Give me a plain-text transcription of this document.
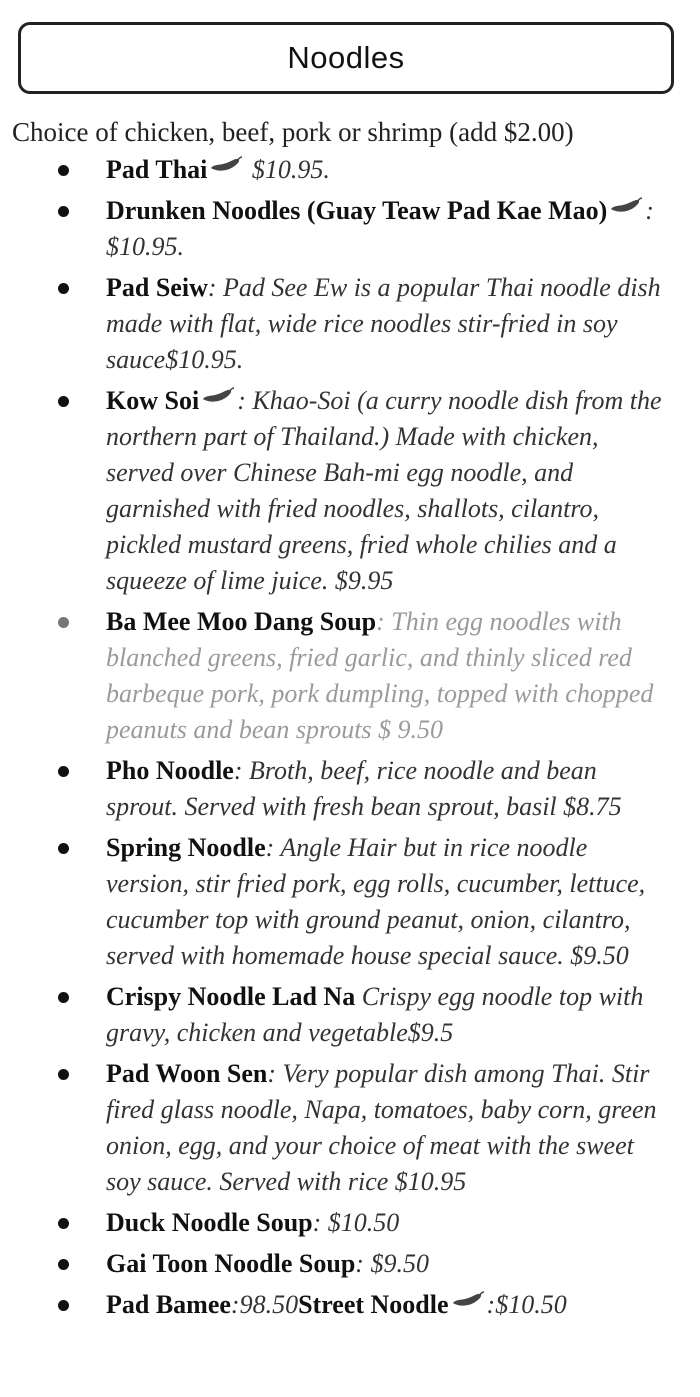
Noodles
Choice of chicken, beef, pork or shrimp (add $2.00)
Pad Thai $10.95.
Drunken Noodles (Guay Teaw Pad Kae Mao) : $10.95.
Pad Seiw: Pad See Ew is a popular Thai noodle dish made with flat, wide rice noodles stir-fried in soy sauce$10.95.
Kow Soi : Khao-Soi (a curry noodle dish from the northern part of Thailand.) Made with chicken, served over Chinese Bah-mi egg noodle, and garnished with fried noodles, shallots, cilantro, pickled mustard greens, fried whole chilies and a squeeze of lime juice. $9.95
Ba Mee Moo Dang Soup: Thin egg noodles with blanched greens, fried garlic, and thinly sliced red barbeque pork, pork dumpling, topped with chopped peanuts and bean sprouts $ 9.50
Pho Noodle: Broth, beef, rice noodle and bean sprout. Served with fresh bean sprout, basil $8.75
Spring Noodle: Angle Hair but in rice noodle version, stir fried pork, egg rolls, cucumber, lettuce, cucumber top with ground peanut, onion, cilantro, served with homemade house special sauce. $9.50
Crispy Noodle Lad Na Crispy egg noodle top with gravy, chicken and vegetable$9.5
Pad Woon Sen: Very popular dish among Thai. Stir fired glass noodle, Napa, tomatoes, baby corn, green onion, egg, and your choice of meat with the sweet soy sauce. Served with rice $10.95
Duck Noodle Soup: $10.50
Gai Toon Noodle Soup: $9.50
Pad Bamee:98.50Street Noodle :$10.50
